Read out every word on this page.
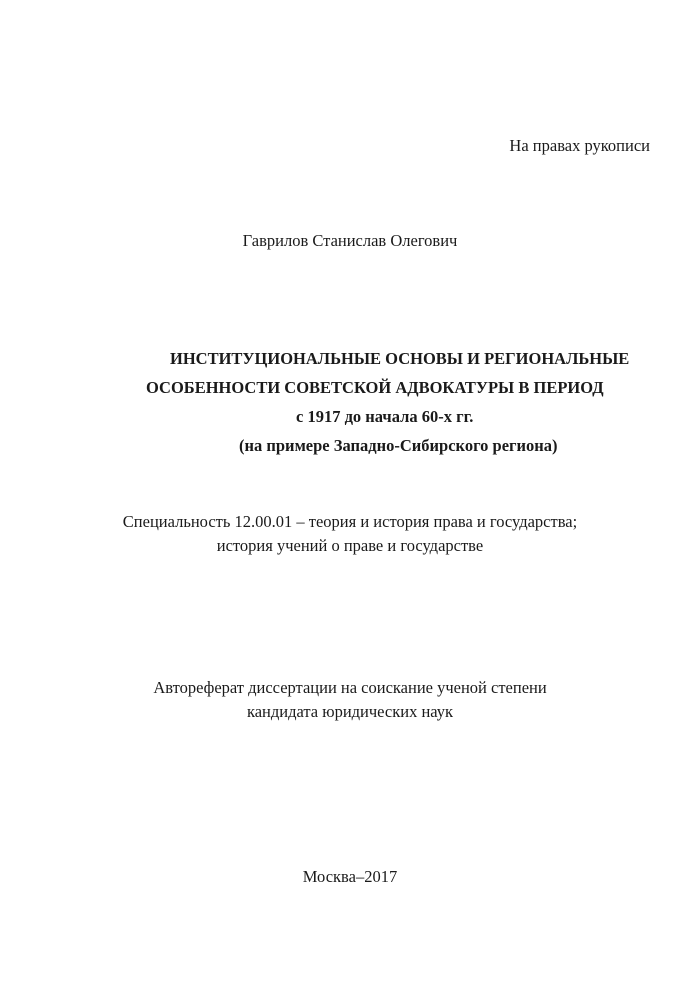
На правах рукописи
Гаврилов Станислав Олегович
ИНСТИТУЦИОНАЛЬНЫЕ ОСНОВЫ И РЕГИОНАЛЬНЫЕ
ОСОБЕННОСТИ СОВЕТСКОЙ АДВОКАТУРЫ В ПЕРИОД
с 1917 до начала 60-х гг.
(на примере Западно-Сибирского региона)
Специальность 12.00.01 – теория и история права и государства;
история учений о праве и государстве
Автореферат диссертации на соискание ученой степени
кандидата юридических наук
Москва–2017
